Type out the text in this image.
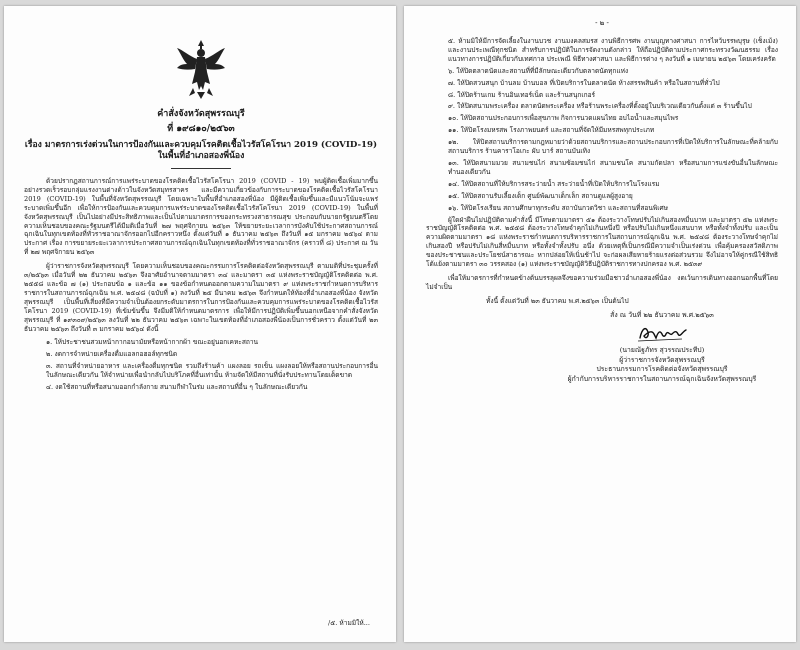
คำสั่งจังหวัดสุพรรณบุรี
ที่ ๑๙๘๑๐/๒๕๖๓
เรื่อง มาตรการเร่งด่วนในการป้องกันและควบคุมโรคติดเชื้อไวรัสโคโรนา 2019 (COVID-19)
ในพื้นที่อำเภอสองพี่น้อง

ด้วยปรากฏสถานการณ์การแพร่ระบาดของโรคติดเชื้อไวรัสโคโรนา 2019 (COVID - 19) พบผู้ติดเชื้อเพิ่มมากขึ้นอย่างรวดเร็วรอบกลุ่มแรงงานต่างด้าวในจังหวัดสมุทรสาคร และมีความเกี่ยวข้องกับการระบาดของโรคติดเชื้อไวรัสโคโรนา 2019 (COVID-19) ในพื้นที่จังหวัดสุพรรณบุรี โดยเฉพาะในพื้นที่อำเภอสองพี่น้อง มีผู้ติดเชื้อเพิ่มขึ้นและมีแนวโน้มจะแพร่ระบาดเพิ่มขึ้นอีก เพื่อให้การป้องกันและควบคุมการแพร่ระบาดของโรคติดเชื้อไวรัสโคโรนา 2019 (COVID-19) ในพื้นที่จังหวัดสุพรรณบุรี เป็นไปอย่างมีประสิทธิภาพและเป็นไปตามมาตรการของกระทรวงสาธารณสุข ประกอบกับนายกรัฐมนตรีโดยความเห็นชอบของคณะรัฐมนตรีได้มีมติเมื่อวันที่ ๒๗ พฤศจิกายน ๒๕๖๓ ให้ขยายระยะเวลาการบังคับใช้ประกาศสถานการณ์ฉุกเฉินในทุกเขตท้องที่ทั่วราชอาณาจักรออกไปอีกคราวหนึ่ง ตั้งแต่วันที่ ๑ ธันวาคม ๒๕๖๓ ถึงวันที่ ๑๕ มกราคม ๒๕๖๔ ตามประกาศ เรื่อง การขยายระยะเวลาการประกาศสถานการณ์ฉุกเฉินในทุกเขตท้องที่ทั่วราชอาณาจักร (คราวที่ ๘) ประกาศ ณ วันที่ ๒๗ พฤศจิกายน ๒๕๖๓

ผู้ว่าราชการจังหวัดสุพรรณบุรี โดยความเห็นชอบของคณะกรรมการโรคติดต่อจังหวัดสุพรรณบุรี ตามมติที่ประชุมครั้งที่ ๓/๒๕๖๓ เมื่อวันที่ ๒๒ ธันวาคม ๒๕๖๓ จึงอาศัยอำนาจตามมาตรา ๓๔ และมาตรา ๓๕ แห่งพระราชบัญญัติโรคติดต่อ พ.ศ. ๒๕๕๘ และข้อ ๗ (๑) ประกอบข้อ ๑ และข้อ ๑๑ ของข้อกำหนดออกตามความในมาตรา ๙ แห่งพระราชกำหนดการบริหารราชการในสถานการณ์ฉุกเฉิน พ.ศ. ๒๕๔๘ (ฉบับที่ ๑) ลงวันที่ ๒๕ มีนาคม ๒๕๖๓ จึงกำหนดให้ท้องที่อำเภอสองพี่น้อง จังหวัดสุพรรณบุรี เป็นพื้นที่เสี่ยงที่มีความจำเป็นต้องยกระดับมาตรการในการป้องกันและควบคุมการแพร่ระบาดของโรคติดเชื้อไวรัสโคโรนา 2019 (COVID-19) ที่เข้มข้นขึ้น จึงมีมติให้กำหนดมาตรการ เพื่อให้มีการปฏิบัติเพิ่มขึ้นนอกเหนือจากคำสั่งจังหวัดสุพรรณบุรี ที่ ๑๙๓๐๙/๒๕๖๓ ลงวันที่ ๒๒ ธันวาคม ๒๕๖๓ เฉพาะในเขตท้องที่อำเภอสองพี่น้องเป็นการชั่วคราว ตั้งแต่วันที่ ๒๓ ธันวาคม ๒๕๖๓ ถึงวันที่ ๓ มกราคม ๒๕๖๔ ดังนี้

๑. ให้ประชาชนสวมหน้ากากอนามัยหรือหน้ากากผ้า ขณะอยู่นอกเคหะสถาน

๒. งดการจำหน่ายเครื่องดื่มแอลกอฮอล์ทุกชนิด

๓. สถานที่จำหน่ายอาหาร และเครื่องดื่มทุกชนิด รวมถึงร้านค้า แผงลอย รถเข็น แผงลอยให้หรือสถานประกอบการอื่นในลักษณะเดียวกัน ให้จำหน่ายเพื่อนำกลับไปบริโภคที่อื่นเท่านั้น ห้ามจัดให้มีสถานที่นั่งรับประทานโดยเด็ดขาด

๔. งดใช้สถานที่หรือสนามออกกำลังกาย สนามกีฬาในร่ม และสถานที่อื่น ๆ ในลักษณะเดียวกัน

/๕. ห้ามมิให้...
- ๒ -

๕. ห้ามมิให้มีการจัดเลี้ยงในงานบวช งานมงคลสมรส งานพิธีการศพ งานบุญทางศาสนา การไหว้บรรพบุรุษ (เช็งเม้ง) และงานประเพณีทุกชนิด สำหรับการปฏิบัติในการจัดงานดังกล่าว ให้ถือปฏิบัติตามประกาศกระทรวงวัฒนธรรม เรื่อง แนวทางการปฏิบัติเกี่ยวกับเทศกาล ประเพณี พิธีทางศาสนา และพิธีการต่าง ๆ ลงวันที่ ๑ เมษายน ๒๕๖๓ โดยเคร่งครัด

๖. ให้ปิดตลาดนัดและสถานที่ที่มีลักษณะเดียวกับตลาดนัดทุกแห่ง

๗. ให้ปิดสวนสนุก บ้านลม บ้านบอล ที่เปิดบริการในตลาดนัด ห้างสรรพสินค้า หรือในสถานที่ทั่วไป

๘. ให้ปิดร้านเกม ร้านอินเทอร์เน็ต และร้านสนุกเกอร์

๙. ให้ปิดสนามพระเครื่อง ตลาดนัดพระเครื่อง หรือร้านพระเครื่องที่ตั้งอยู่ในบริเวณเดียวกันตั้งแต่ ๓ ร้านขึ้นไป

๑๐. ให้ปิดสถานประกอบการเพื่อสุขภาพ กิจการนวดแผนไทย อบไอน้ำและสมุนไพร

๑๑. ให้ปิดโรงมหรสพ โรงภาพยนตร์ และสถานที่จัดให้มีมหรสพทุกประเภท

๑๒. ให้ปิดสถานบริการตามกฎหมายว่าด้วยสถานบริการและสถานประกอบการที่เปิดให้บริการในลักษณะที่คล้ายกับสถานบริการ ร้านคาราโอเกะ ผับ บาร์ สถานบันเทิง

๑๓. ให้ปิดสนามมวย สนามชนไก่ สนามซ้อมชนไก่ สนามชนโค สนามกัดปลา หรือสนามการแข่งขันอื่นในลักษณะทำนองเดียวกัน

๑๔. ให้ปิดสถานที่ให้บริการสระว่ายน้ำ สระว่ายน้ำที่เปิดให้บริการในโรงแรม

๑๕. ให้ปิดสถานรับเลี้ยงเด็ก ศูนย์พัฒนาเด็กเล็ก สถานดูแลผู้สูงอายุ

๑๖. ให้ปิดโรงเรียน สถานศึกษาทุกระดับ สถาบันกวดวิชา และสถานที่สอนพิเศษ

ผู้ใดฝ่าฝืนไม่ปฏิบัติตามคำสั่งนี้ มีโทษตามมาตรา ๕๑ ต้องระวางโทษปรับไม่เกินสองหมื่นบาท และมาตรา ๕๒ แห่งพระราชบัญญัติโรคติดต่อ พ.ศ. ๒๕๕๘ ต้องระวางโทษจำคุกไม่เกินหนึ่งปี หรือปรับไม่เกินหนึ่งแสนบาท หรือทั้งจำทั้งปรับ และเป็นความผิดตามมาตรา ๑๘ แห่งพระราชกำหนดการบริหารราชการในสถานการณ์ฉุกเฉิน พ.ศ. ๒๕๔๘ ต้องระวางโทษจำคุกไม่เกินสองปี หรือปรับไม่เกินสี่หมื่นบาท หรือทั้งจำทั้งปรับ อนึ่ง ด้วยเหตุที่เป็นกรณีมีความจำเป็นเร่งด่วน เพื่อคุ้มครองสวัสดิภาพของประชาชนและประโยชน์สาธารณะ หากปล่อยให้เนิ่นช้าไป จะก่อผลเสียหายร้ายแรงต่อส่วนรวม จึงไม่อาจให้คู่กรณีใช้สิทธิโต้แย้งตามมาตรา ๓๐ วรรคสอง (๑) แห่งพระราชบัญญัติวิธีปฏิบัติราชการทางปกครอง พ.ศ. ๒๕๓๙

เพื่อให้มาตรการที่กำหนดข้างต้นบรรลุผลจึงขอความร่วมมือชาวอำเภอสองพี่น้อง งดเว้นการเดินทางออกนอกพื้นที่โดยไม่จำเป็น

ทั้งนี้ ตั้งแต่วันที่ ๒๓ ธันวาคม พ.ศ.๒๕๖๓ เป็นต้นไป

สั่ง ณ วันที่ ๒๒ ธันวาคม พ.ศ.๒๕๖๓
(นายณัฐภัทร สุวรรณประทีป)
ผู้ว่าราชการจังหวัดสุพรรณบุรี
ประธานกรรมการโรคติดต่อจังหวัดสุพรรณบุรี
ผู้กำกับการบริหารราชการในสถานการณ์ฉุกเฉินจังหวัดสุพรรณบุรี
